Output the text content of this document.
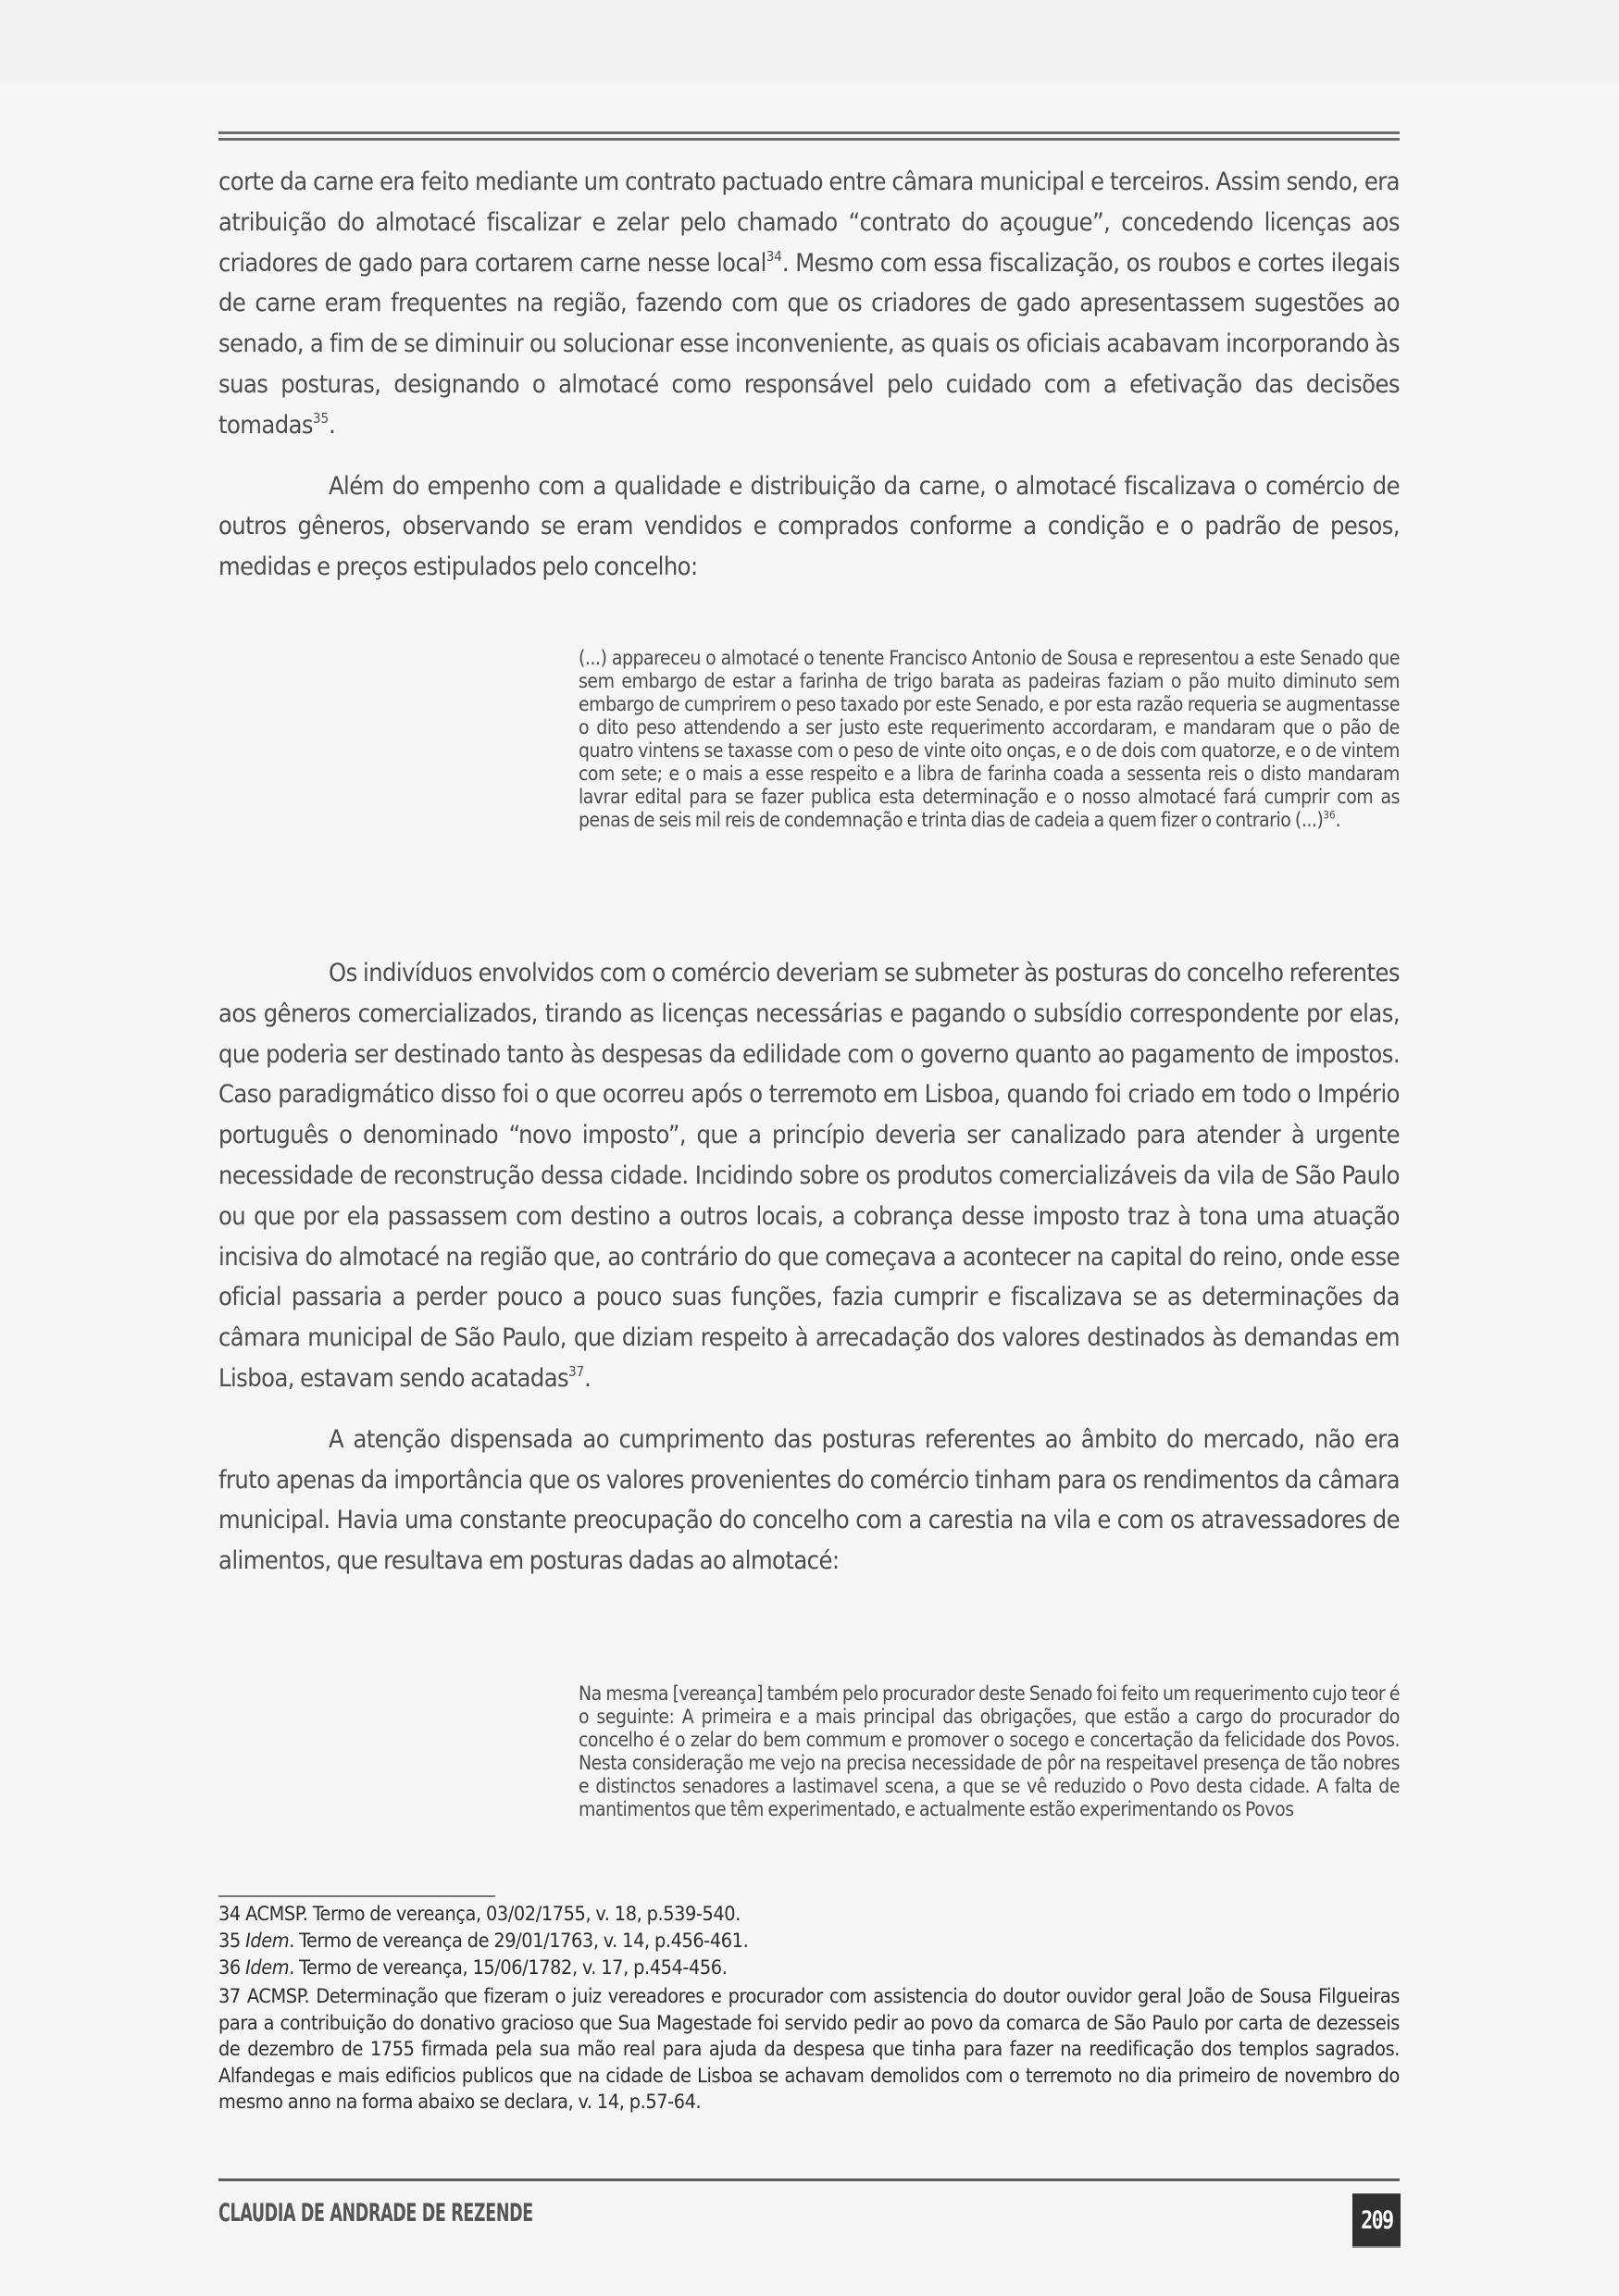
corte da carne era feito mediante um contrato pactuado entre câmara municipal e terceiros. Assim sendo, era atribuição do almotacé fiscalizar e zelar pelo chamado “contrato do açougue”, concedendo licenças aos criadores de gado para cortarem carne nesse local$^{34}$. Mesmo com essa fiscalização, os roubos e cortes ilegais de carne eram frequentes na região, fazendo com que os criadores de gado apresentassem sugestões ao senado, a fim de se diminuir ou solucionar esse inconveniente, as quais os oficiais acabavam incorporando às suas posturas, designando o almotacé como responsável pelo cuidado com a efetivação das decisões tomadas$^{35}$.

Além do empenho com a qualidade e distribuição da carne, o almotacé fiscalizava o comércio de outros gêneros, observando se eram vendidos e comprados conforme a condição e o padrão de pesos, medidas e preços estipulados pelo concelho:

(...) appareceu o almotacé o tenente Francisco Antonio de Sousa e representou a este Senado que sem embargo de estar a farinha de trigo barata as padeiras faziam o pão muito diminuto sem embargo de cumprirem o peso taxado por este Senado, e por esta razão requeria se augmentasse o dito peso attendendo a ser justo este requerimento accordaram, e mandaram que o pão de quatro vintens se taxasse com o peso de vinte oito onças, e o de dois com quatorze, e o de vintem com sete; e o mais a esse respeito e a libra de farinha coada a sessenta reis o disto mandaram lavrar edital para se fazer publica esta determinação e o nosso almotacé fará cumprir com as penas de seis mil reis de condemnação e trinta dias de cadeia a quem fizer o contrario (...)$^{36}$.

Os indivíduos envolvidos com o comércio deveriam se submeter às posturas do concelho referentes aos gêneros comercializados, tirando as licenças necessárias e pagando o subsídio correspondente por elas, que poderia ser destinado tanto às despesas da edilidade com o governo quanto ao pagamento de impostos. Caso paradigmático disso foi o que ocorreu após o terremoto em Lisboa, quando foi criado em todo o Império português o denominado “novo imposto”, que a princípio deveria ser canalizado para atender à urgente necessidade de reconstrução dessa cidade. Incidindo sobre os produtos comercializáveis da vila de São Paulo ou que por ela passassem com destino a outros locais, a cobrança desse imposto traz à tona uma atuação incisiva do almotacé na região que, ao contrário do que começava a acontecer na capital do reino, onde esse oficial passaria a perder pouco a pouco suas funções, fazia cumprir e fiscalizava se as determinações da câmara municipal de São Paulo, que diziam respeito à arrecadação dos valores destinados às demandas em Lisboa, estavam sendo acatadas$^{37}$.

A atenção dispensada ao cumprimento das posturas referentes ao âmbito do mercado, não era fruto apenas da importância que os valores provenientes do comércio tinham para os rendimentos da câmara municipal. Havia uma constante preocupação do concelho com a carestia na vila e com os atravessadores de alimentos, que resultava em posturas dadas ao almotacé:

Na mesma [vereança] também pelo procurador deste Senado foi feito um requerimento cujo teor é o seguinte: A primeira e a mais principal das obrigações, que estão a cargo do procurador do concelho é o zelar do bem commum e promover o socego e concertação da felicidade dos Povos. Nesta consideração me vejo na precisa necessidade de pôr na respeitavel presença de tão nobres e distinctos senadores a lastimavel scena, a que se vê reduzido o Povo desta cidade. A falta de mantimentos que têm experimentado, e actualmente estão experimentando os Povos

34 ACMSP. Termo de vereança, 03/02/1755, v. 18, p.539-540.

35 Idem. Termo de vereança de 29/01/1763, v. 14, p.456-461.

36 Idem. Termo de vereança, 15/06/1782, v. 17, p.454-456.

37 ACMSP. Determinação que fizeram o juiz vereadores e procurador com assistencia do doutor ouvidor geral João de Sousa Filgueiras para a contribuição do donativo gracioso que Sua Magestade foi servido pedir ao povo da comarca de São Paulo por carta de dezesseis de dezembro de 1755 firmada pela sua mão real para ajuda da despesa que tinha para fazer na reedificação dos templos sagrados. Alfandegas e mais edificios publicos que na cidade de Lisboa se achavam demolidos com o terremoto no dia primeiro de novembro do mesmo anno na forma abaixo se declara, v. 14, p.57-64.

CLAUDIA DE ANDRADE DE REZENDE	209
